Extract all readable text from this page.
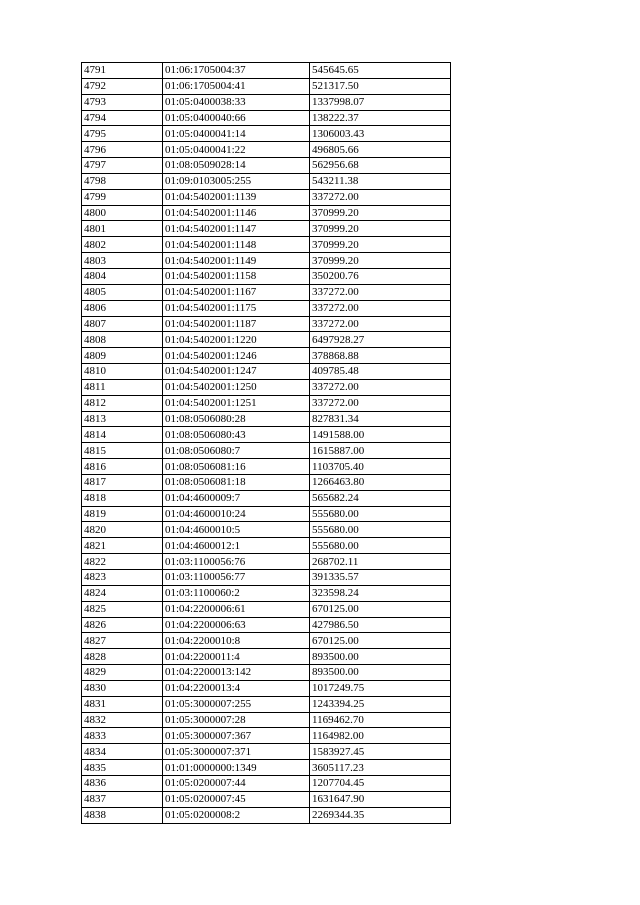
4791	01:06:1705004:37	545645.65
4792	01:06:1705004:41	521317.50
4793	01:05:0400038:33	1337998.07
4794	01:05:0400040:66	138222.37
4795	01:05:0400041:14	1306003.43
4796	01:05:0400041:22	496805.66
4797	01:08:0509028:14	562956.68
4798	01:09:0103005:255	543211.38
4799	01:04:5402001:1139	337272.00
4800	01:04:5402001:1146	370999.20
4801	01:04:5402001:1147	370999.20
4802	01:04:5402001:1148	370999.20
4803	01:04:5402001:1149	370999.20
4804	01:04:5402001:1158	350200.76
4805	01:04:5402001:1167	337272.00
4806	01:04:5402001:1175	337272.00
4807	01:04:5402001:1187	337272.00
4808	01:04:5402001:1220	6497928.27
4809	01:04:5402001:1246	378868.88
4810	01:04:5402001:1247	409785.48
4811	01:04:5402001:1250	337272.00
4812	01:04:5402001:1251	337272.00
4813	01:08:0506080:28	827831.34
4814	01:08:0506080:43	1491588.00
4815	01:08:0506080:7	1615887.00
4816	01:08:0506081:16	1103705.40
4817	01:08:0506081:18	1266463.80
4818	01:04:4600009:7	565682.24
4819	01:04:4600010:24	555680.00
4820	01:04:4600010:5	555680.00
4821	01:04:4600012:1	555680.00
4822	01:03:1100056:76	268702.11
4823	01:03:1100056:77	391335.57
4824	01:03:1100060:2	323598.24
4825	01:04:2200006:61	670125.00
4826	01:04:2200006:63	427986.50
4827	01:04:2200010:8	670125.00
4828	01:04:2200011:4	893500.00
4829	01:04:2200013:142	893500.00
4830	01:04:2200013:4	1017249.75
4831	01:05:3000007:255	1243394.25
4832	01:05:3000007:28	1169462.70
4833	01:05:3000007:367	1164982.00
4834	01:05:3000007:371	1583927.45
4835	01:01:0000000:1349	3605117.23
4836	01:05:0200007:44	1207704.45
4837	01:05:0200007:45	1631647.90
4838	01:05:0200008:2	2269344.35
